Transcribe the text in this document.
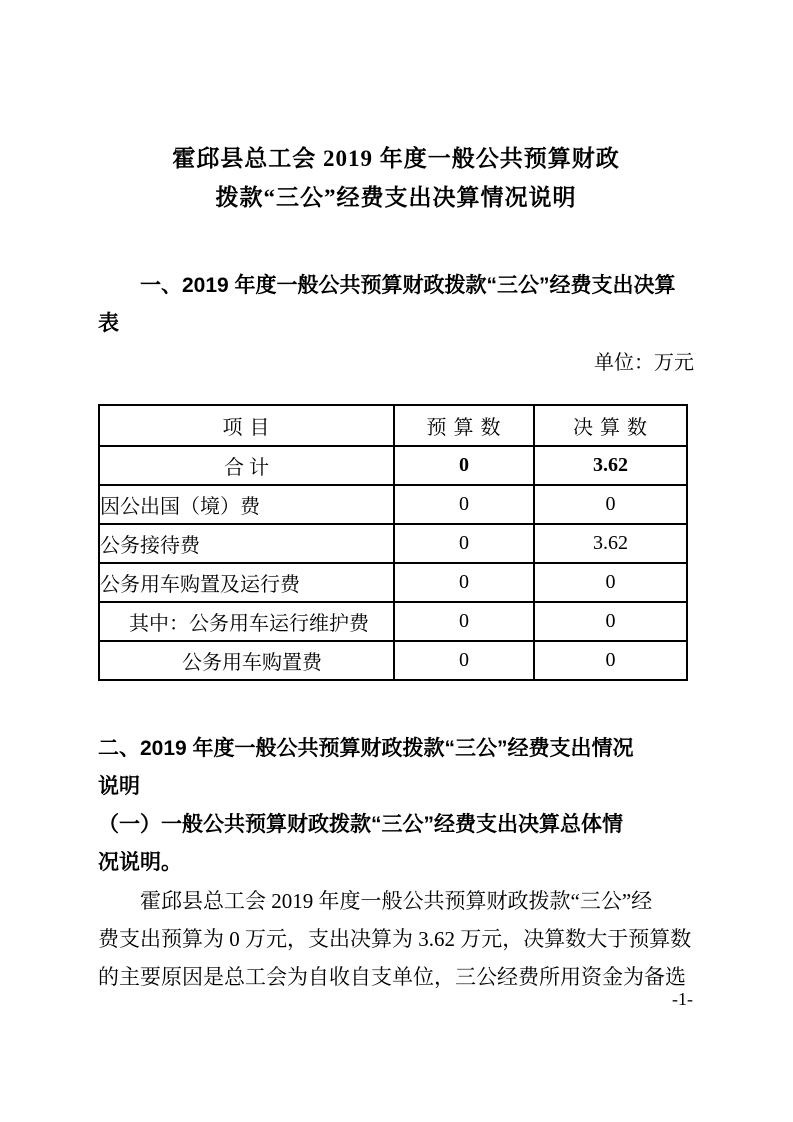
霍邱县总工会 2019 年度一般公共预算财政
拨款“三公”经费支出决算情况说明
一、2019 年度一般公共预算财政拨款“三公”经费支出决算
表
单位：万元
项 目	预 算 数	决 算 数
合 计	0	3.62
因公出国（境）费	0	0
公务接待费	0	3.62
公务用车购置及运行费	0	0
其中：公务用车运行维护费	0	0
公务用车购置费	0	0
二、2019 年度一般公共预算财政拨款“三公”经费支出情况
说明
（一）一般公共预算财政拨款“三公”经费支出决算总体情
况说明。
霍邱县总工会 2019 年度一般公共预算财政拨款“三公”经
费支出预算为 0 万元，支出决算为 3.62 万元，决算数大于预算数
的主要原因是总工会为自收自支单位，三公经费所用资金为备选
-1-
